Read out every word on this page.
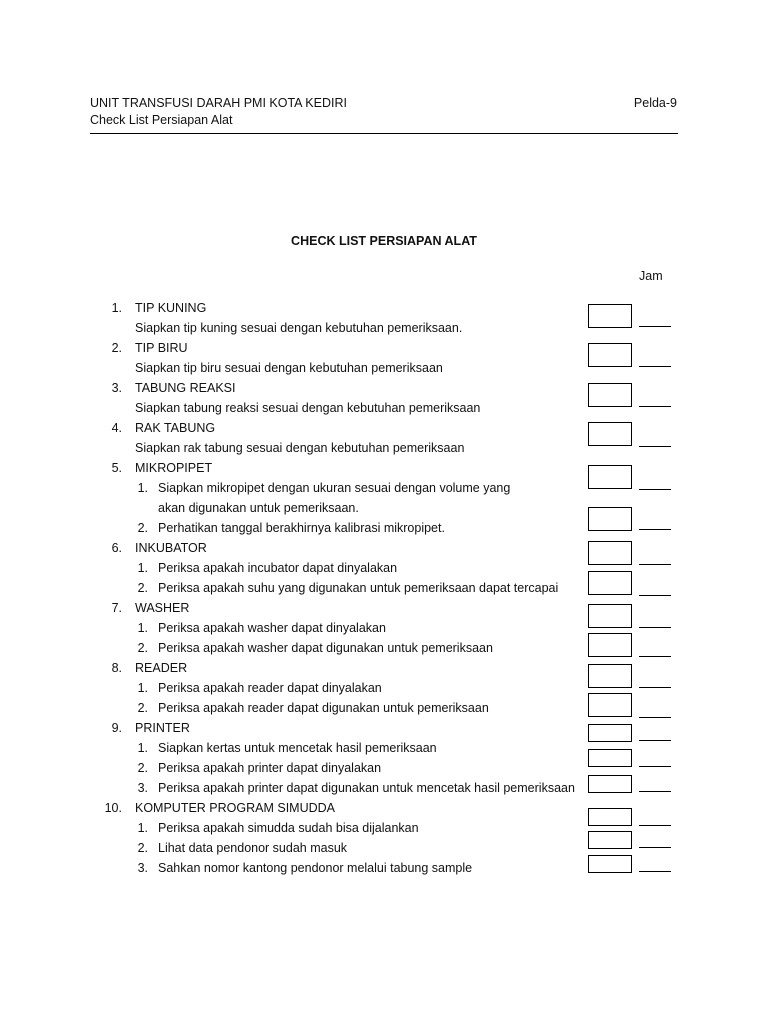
UNIT TRANSFUSI DARAH PMI KOTA KEDIRI
Check List Persiapan Alat
Pelda-9
CHECK LIST PERSIAPAN ALAT
Jam
1. TIP KUNING
Siapkan tip kuning sesuai dengan kebutuhan pemeriksaan.
2. TIP BIRU
Siapkan tip biru sesuai dengan kebutuhan pemeriksaan
3. TABUNG REAKSI
Siapkan tabung reaksi sesuai dengan kebutuhan pemeriksaan
4. RAK TABUNG
Siapkan rak tabung sesuai dengan kebutuhan pemeriksaan
5. MIKROPIPET
1. Siapkan mikropipet dengan ukuran sesuai dengan volume yang
akan digunakan untuk pemeriksaan.
2. Perhatikan tanggal berakhirnya kalibrasi mikropipet.
6. INKUBATOR
1. Periksa apakah incubator dapat dinyalakan
2. Periksa apakah suhu yang digunakan untuk pemeriksaan dapat tercapai
7. WASHER
1. Periksa apakah washer dapat dinyalakan
2. Periksa apakah washer dapat digunakan untuk pemeriksaan
8. READER
1. Periksa apakah reader dapat dinyalakan
2. Periksa apakah reader dapat digunakan untuk pemeriksaan
9. PRINTER
1. Siapkan kertas untuk mencetak hasil pemeriksaan
2. Periksa apakah printer dapat dinyalakan
3. Periksa apakah printer dapat digunakan untuk mencetak hasil pemeriksaan
10. KOMPUTER PROGRAM SIMUDDA
1. Periksa apakah simudda sudah bisa dijalankan
2. Lihat data pendonor sudah masuk
3. Sahkan nomor kantong pendonor melalui tabung sample
